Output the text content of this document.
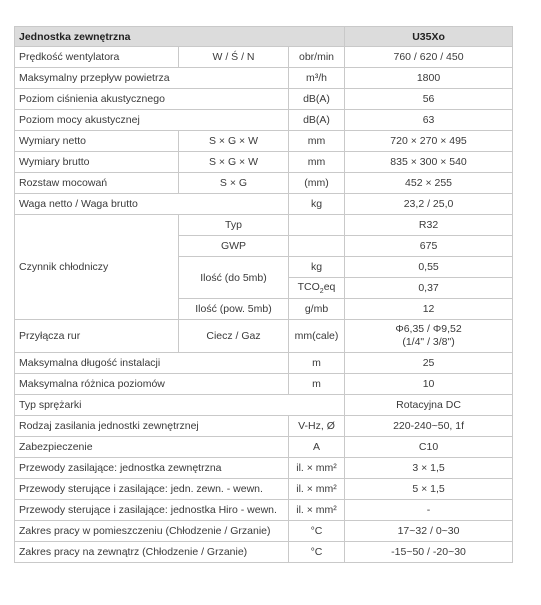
Jednostka zewnętrzna			U35Xo
Prędkość wentylatora	W / Ś / N	obr/min	760 / 620 / 450
Maksymalny przepływ powietrza		m³/h	1800
Poziom ciśnienia akustycznego		dB(A)	56
Poziom mocy akustycznej		dB(A)	63
Wymiary netto	S × G × W	mm	720 × 270 × 495
Wymiary brutto	S × G × W	mm	835 × 300 × 540
Rozstaw mocowań	S × G	(mm)	452 × 255
Waga netto / Waga brutto		kg	23,2 / 25,0
Czynnik chłodniczy	Typ		R32
	GWP		675
	Ilość (do 5mb)	kg	0,55
		$TCO_2eq$	0,37
	Ilość (pow. 5mb)	g/mb	12
Przyłącza rur	Ciecz / Gaz	mm(cale)	Φ6,35 / Φ9,52
(1/4" / 3/8")
Maksymalna długość instalacji		m	25
Maksymalna różnica poziomów		m	10
Typ sprężarki			Rotacyjna DC
Rodzaj zasilania jednostki zewnętrznej		V-Hz, Ø	220-240~50, 1f
Zabezpieczenie		A	C10
Przewody zasilające: jednostka zewnętrzna		il. × mm²	3 × 1,5
Przewody sterujące i zasilające: jedn. zewn. - wewn.		il. × mm²	5 × 1,5
Przewody sterujące i zasilające: jednostka Hiro - wewn.		il. × mm²	-
Zakres pracy w pomieszczeniu (Chłodzenie / Grzanie)		°C	17~32 / 0~30
Zakres pracy na zewnątrz (Chłodzenie / Grzanie)		°C	-15~50 / -20~30
